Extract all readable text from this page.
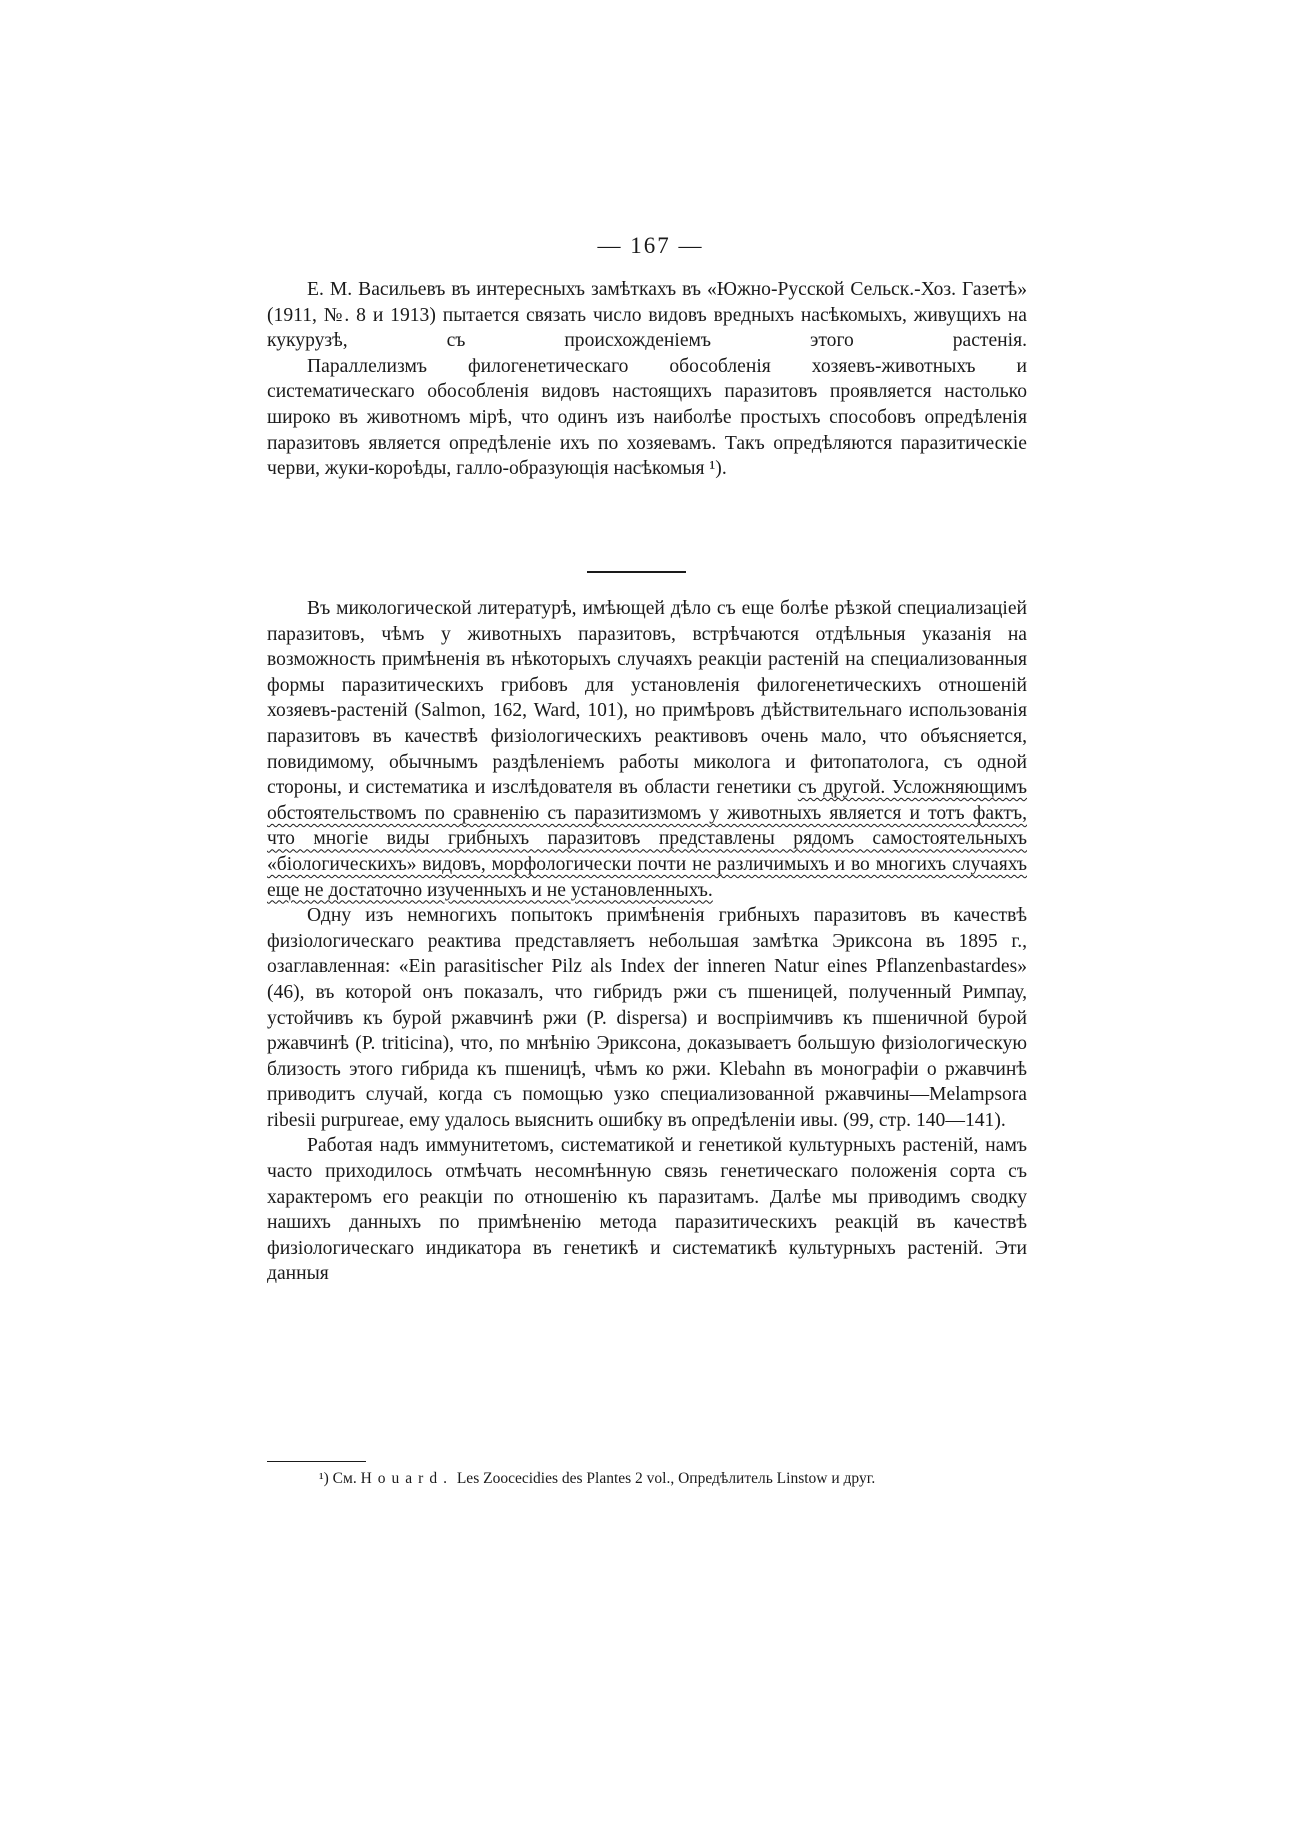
— 167 —

Е. М. Васильевъ въ интересныхъ замѣткахъ въ «Южно-Русской Сельск.-Хоз. Газетѣ» (1911, №. 8 и 1913) пытается связать число видовъ вредныхъ насѣкомыхъ, живущихъ на кукурузѣ, съ происхожденіемъ этого растенія.

Параллелизмъ филогенетическаго обособленія хозяевъ-животныхъ и систематическаго обособленія видовъ настоящихъ паразитовъ проявляется настолько широко въ животномъ мірѣ, что одинъ изъ наиболѣе простыхъ способовъ опредѣленія паразитовъ является опредѣленіе ихъ по хозяевамъ. Такъ опредѣляются паразитическіе черви, жуки-короѣды, галло-образующія насѣкомыя ¹).

Въ микологической литературѣ, имѣющей дѣло съ еще болѣе рѣзкой специализаціей паразитовъ, чѣмъ у животныхъ паразитовъ, встрѣчаются отдѣльныя указанія на возможность примѣненія въ нѣкоторыхъ случаяхъ реакціи растеній на специализованныя формы паразитическихъ грибовъ для установленія филогенетическихъ отношеній хозяевъ-растеній (Salmon, 162, Ward, 101), но примѣровъ дѣйствительнаго использованія паразитовъ въ качествѣ физіологическихъ реактивовъ очень мало, что объясняется, повидимому, обычнымъ раздѣленіемъ работы миколога и фитопатолога, съ одной стороны, и систематика и изслѣдователя въ области генетики съ другой. Усложняющимъ обстоятельствомъ по сравненію съ паразитизмомъ у животныхъ является и тотъ фактъ, что многіе виды грибныхъ паразитовъ представлены рядомъ самостоятельныхъ «біологическихъ» видовъ, морфологически почти не различимыхъ и во многихъ случаяхъ еще не достаточно изученныхъ и не установленныхъ.

Одну изъ немногихъ попытокъ примѣненія грибныхъ паразитовъ въ качествѣ физіологическаго реактива представляетъ небольшая замѣтка Эриксона въ 1895 г., озаглавленная: «Ein parasitischer Pilz als Index der inneren Natur eines Pflanzenbastardes» (46), въ которой онъ показалъ, что гибридъ ржи съ пшеницей, полученный Римпау, устойчивъ къ бурой ржавчинѣ ржи (P. dispersa) и воспріимчивъ къ пшеничной бурой ржавчинѣ (P. triticina), что, по мнѣнію Эриксона, доказываетъ большую физіологическую близость этого гибрида къ пшеницѣ, чѣмъ ко ржи. Klebahn въ монографіи о ржавчинѣ приводитъ случай, когда съ помощью узко специализованной ржавчины—Melampsora ribesii purpureae, ему удалось выяснить ошибку въ опредѣленіи ивы. (99, стр. 140—141).

Работая надъ иммунитетомъ, систематикой и генетикой культурныхъ растеній, намъ часто приходилось отмѣчать несомнѣнную связь генетическаго положенія сорта съ характеромъ его реакціи по отношенію къ паразитамъ. Далѣе мы приводимъ сводку нашихъ данныхъ по примѣненію метода паразитическихъ реакцій въ качествѣ физіологическаго индикатора въ генетикѣ и систематикѣ культурныхъ растеній. Эти данныя

¹) См. Houard. Les Zoocecidies des Plantes 2 vol., Опредѣлитель Linstow и друг.
